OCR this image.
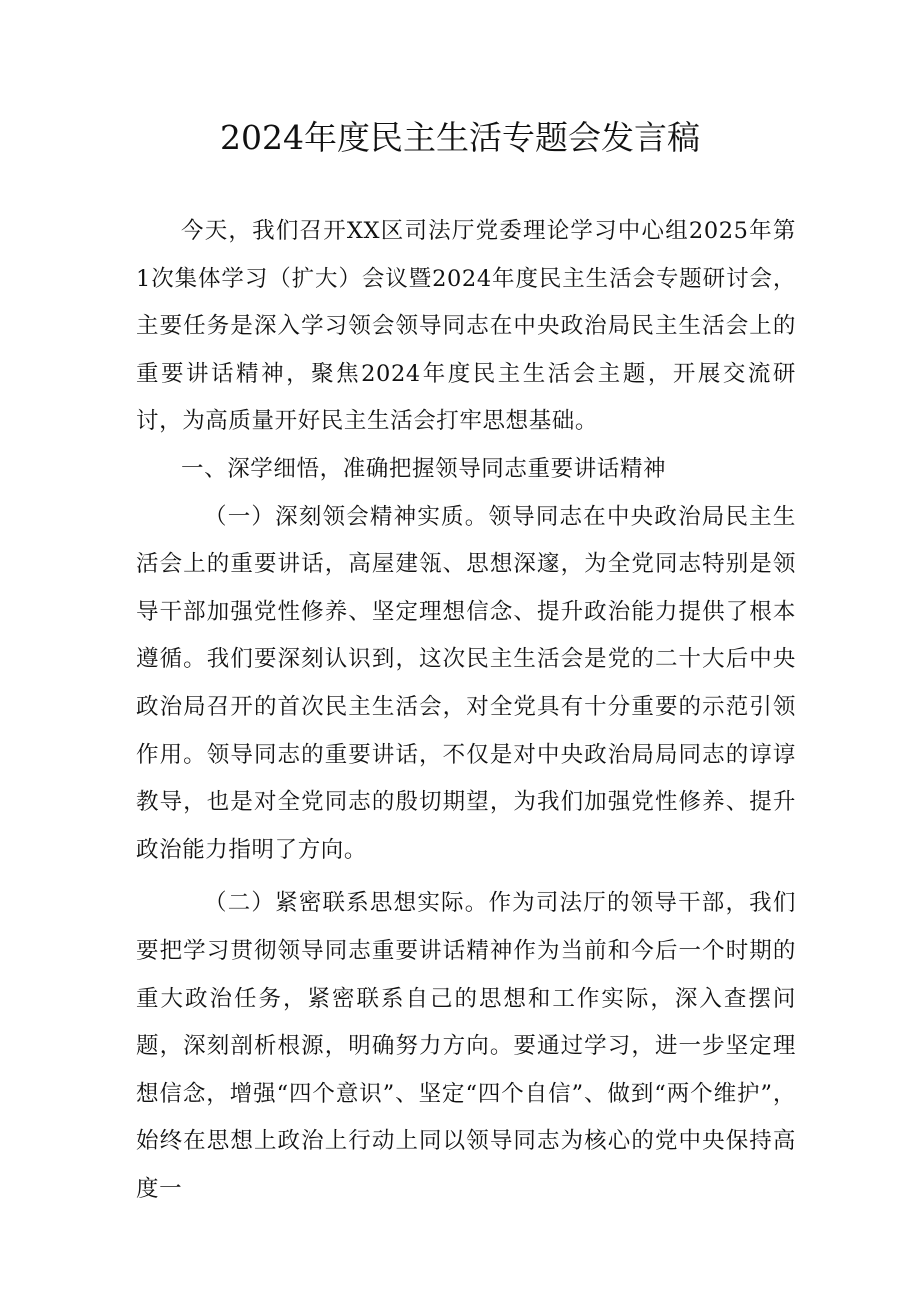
2024年度民主生活专题会发言稿

今天，我们召开XX区司法厅党委理论学习中心组2025年第1次集体学习（扩大）会议暨2024年度民主生活会专题研讨会，主要任务是深入学习领会领导同志在中央政治局民主生活会上的重要讲话精神，聚焦2024年度民主生活会主题，开展交流研讨，为高质量开好民主生活会打牢思想基础。

一、深学细悟，准确把握领导同志重要讲话精神

（一）深刻领会精神实质。领导同志在中央政治局民主生活会上的重要讲话，高屋建瓴、思想深邃，为全党同志特别是领导干部加强党性修养、坚定理想信念、提升政治能力提供了根本遵循。我们要深刻认识到，这次民主生活会是党的二十大后中央政治局召开的首次民主生活会，对全党具有十分重要的示范引领作用。领导同志的重要讲话，不仅是对中央政治局局同志的谆谆教导，也是对全党同志的殷切期望，为我们加强党性修养、提升政治能力指明了方向。

（二）紧密联系思想实际。作为司法厅的领导干部，我们要把学习贯彻领导同志重要讲话精神作为当前和今后一个时期的重大政治任务，紧密联系自己的思想和工作实际，深入查摆问题，深刻剖析根源，明确努力方向。要通过学习，进一步坚定理想信念，增强“四个意识”、坚定“四个自信”、做到“两个维护”，始终在思想上政治上行动上同以领导同志为核心的党中央保持高度一
